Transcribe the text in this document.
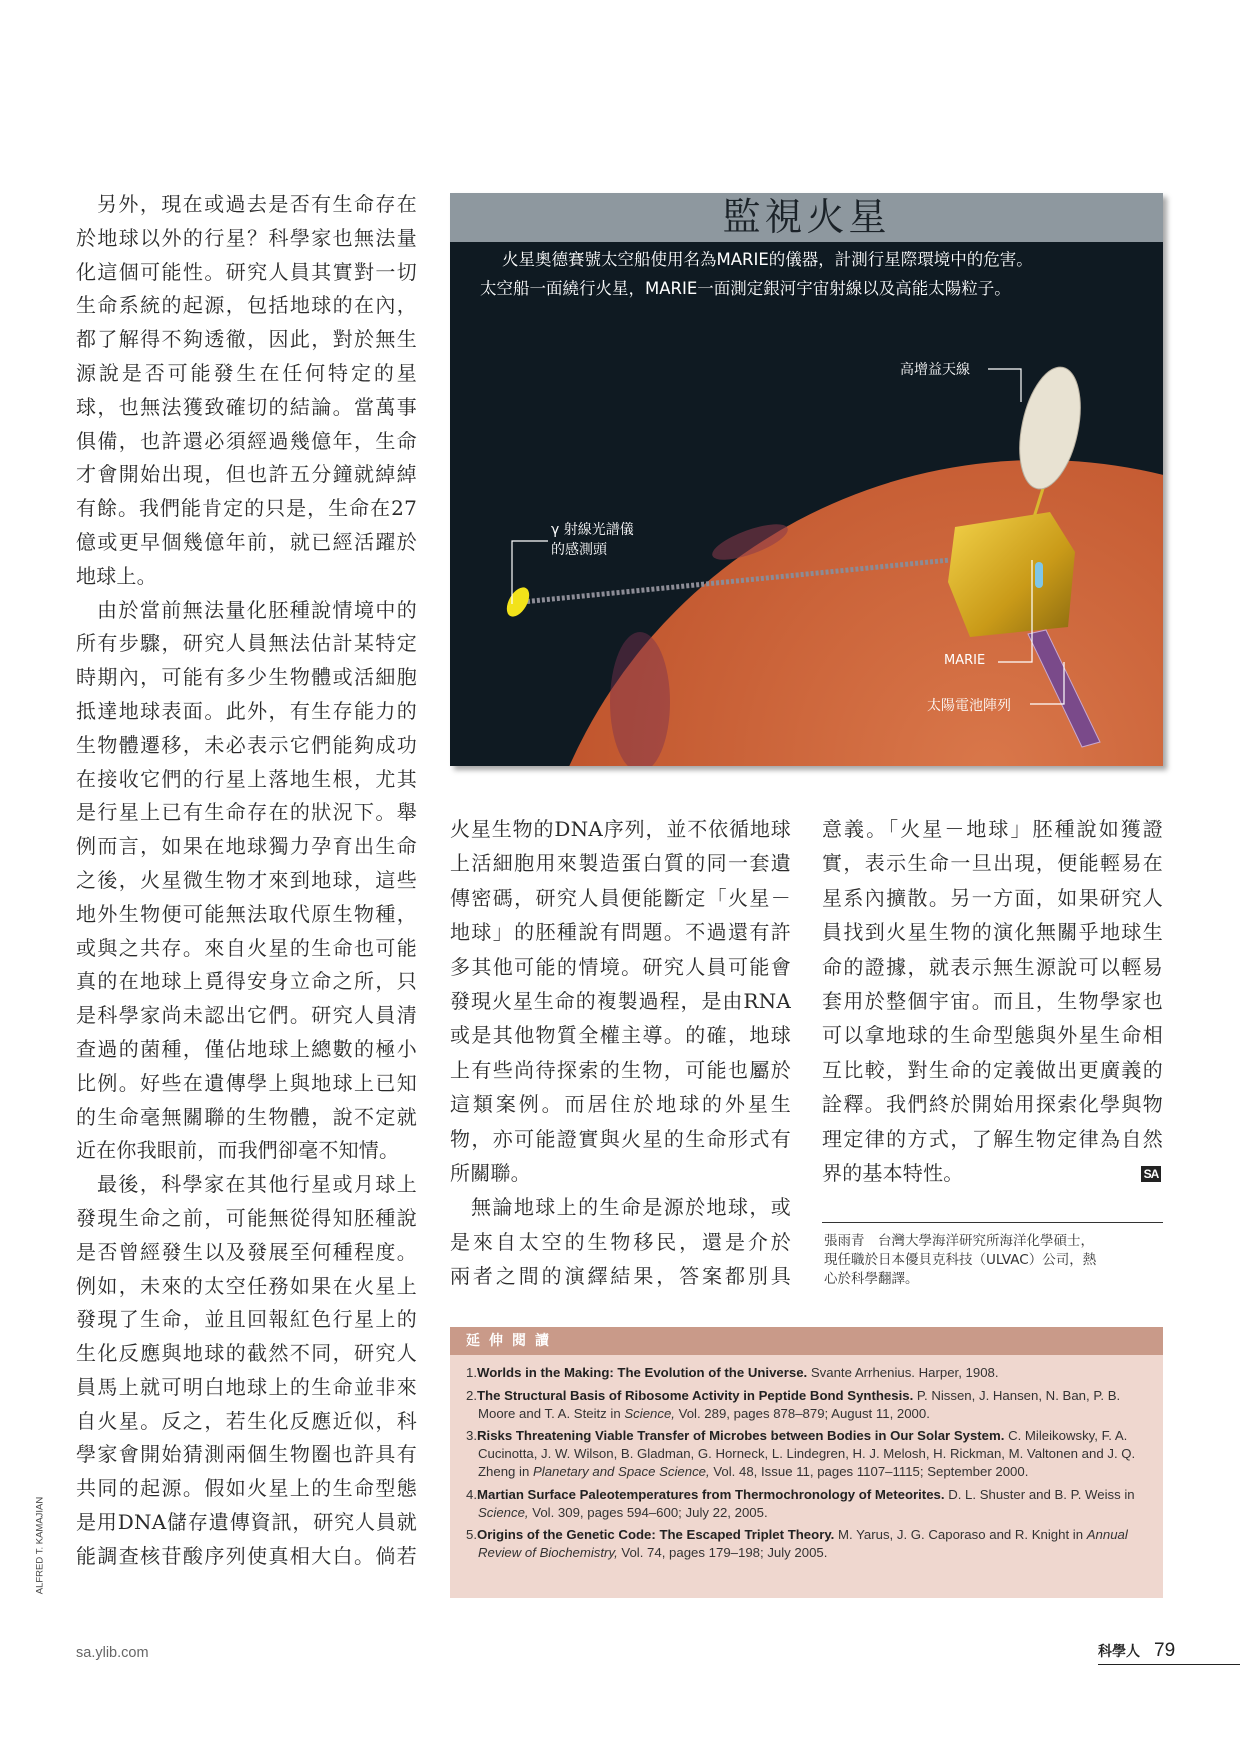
另外，現在或過去是否有生命存在
於地球以外的行星？科學家也無法量
化這個可能性。研究人員其實對一切
生命系統的起源，包括地球的在內，
都了解得不夠透徹，因此，對於無生
源說是否可能發生在任何特定的星
球，也無法獲致確切的結論。當萬事
俱備，也許還必須經過幾億年，生命
才會開始出現，但也許五分鐘就綽綽
有餘。我們能肯定的只是，生命在27
億或更早個幾億年前，就已經活躍於
地球上。
由於當前無法量化胚種說情境中的
所有步驟，研究人員無法估計某特定
時期內，可能有多少生物體或活細胞
抵達地球表面。此外，有生存能力的
生物體遷移，未必表示它們能夠成功
在接收它們的行星上落地生根，尤其
是行星上已有生命存在的狀況下。舉
例而言，如果在地球獨力孕育出生命
之後，火星微生物才來到地球，這些
地外生物便可能無法取代原生物種，
或與之共存。來自火星的生命也可能
真的在地球上覓得安身立命之所，只
是科學家尚未認出它們。研究人員清
查過的菌種，僅佔地球上總數的極小
比例。好些在遺傳學上與地球上已知
的生命毫無關聯的生物體，說不定就
近在你我眼前，而我們卻毫不知情。
最後，科學家在其他行星或月球上
發現生命之前，可能無從得知胚種說
是否曾經發生以及發展至何種程度。
例如，未來的太空任務如果在火星上
發現了生命，並且回報紅色行星上的
生化反應與地球的截然不同，研究人
員馬上就可明白地球上的生命並非來
自火星。反之，若生化反應近似，科
學家會開始猜測兩個生物圈也許具有
共同的起源。假如火星上的生命型態
是用DNA儲存遺傳資訊，研究人員就
能調查核苷酸序列使真相大白。倘若
監視火星
火星奧德賽號太空船使用名為MARIE的儀器，計測行星際環境中的危害。
太空船一面繞行火星，MARIE一面測定銀河宇宙射線以及高能太陽粒子。
高增益天線
γ 射線光譜儀
的感測頭
MARIE
太陽電池陣列
火星生物的DNA序列，並不依循地球
上活細胞用來製造蛋白質的同一套遺
傳密碼，研究人員便能斷定「火星－
地球」的胚種說有問題。不過還有許
多其他可能的情境。研究人員可能會
發現火星生命的複製過程，是由RNA
或是其他物質全權主導。的確，地球
上有些尚待探索的生物，可能也屬於
這類案例。而居住於地球的外星生
物，亦可能證實與火星的生命形式有
所關聯。
無論地球上的生命是源於地球，或
是來自太空的生物移民，還是介於
兩者之間的演繹結果，答案都別具
意義。「火星－地球」胚種說如獲證
實，表示生命一旦出現，便能輕易在
星系內擴散。另一方面，如果研究人
員找到火星生物的演化無關乎地球生
命的證據，就表示無生源說可以輕易
套用於整個宇宙。而且，生物學家也
可以拿地球的生命型態與外星生命相
互比較，對生命的定義做出更廣義的
詮釋。我們終於開始用探索化學與物
理定律的方式，了解生物定律為自然
界的基本特性。	SA
張雨青　台灣大學海洋研究所海洋化學碩士，
現任職於日本優貝克科技（ULVAC）公司，熱
心於科學翻譯。
延伸閱讀
1.Worlds in the Making: The Evolution of the Universe. Svante Arrhenius. Harper, 1908.
2.The Structural Basis of Ribosome Activity in Peptide Bond Synthesis. P. Nissen, J. Hansen, N. Ban, P. B. Moore and T. A. Steitz in Science, Vol. 289, pages 878–879; August 11, 2000.
3.Risks Threatening Viable Transfer of Microbes between Bodies in Our Solar System. C. Mileikowsky, F. A. Cucinotta, J. W. Wilson, B. Gladman, G. Horneck, L. Lindegren, H. J. Melosh, H. Rickman, M. Valtonen and J. Q. Zheng in Planetary and Space Science, Vol. 48, Issue 11, pages 1107–1115; September 2000.
4.Martian Surface Paleotemperatures from Thermochronology of Meteorites. D. L. Shuster and B. P. Weiss in Science, Vol. 309, pages 594–600; July 22, 2005.
5.Origins of the Genetic Code: The Escaped Triplet Theory. M. Yarus, J. G. Caporaso and R. Knight in Annual Review of Biochemistry, Vol. 74, pages 179–198; July 2005.
ALFRED T. KAMAJIAN
sa.ylib.com	科學人 79
